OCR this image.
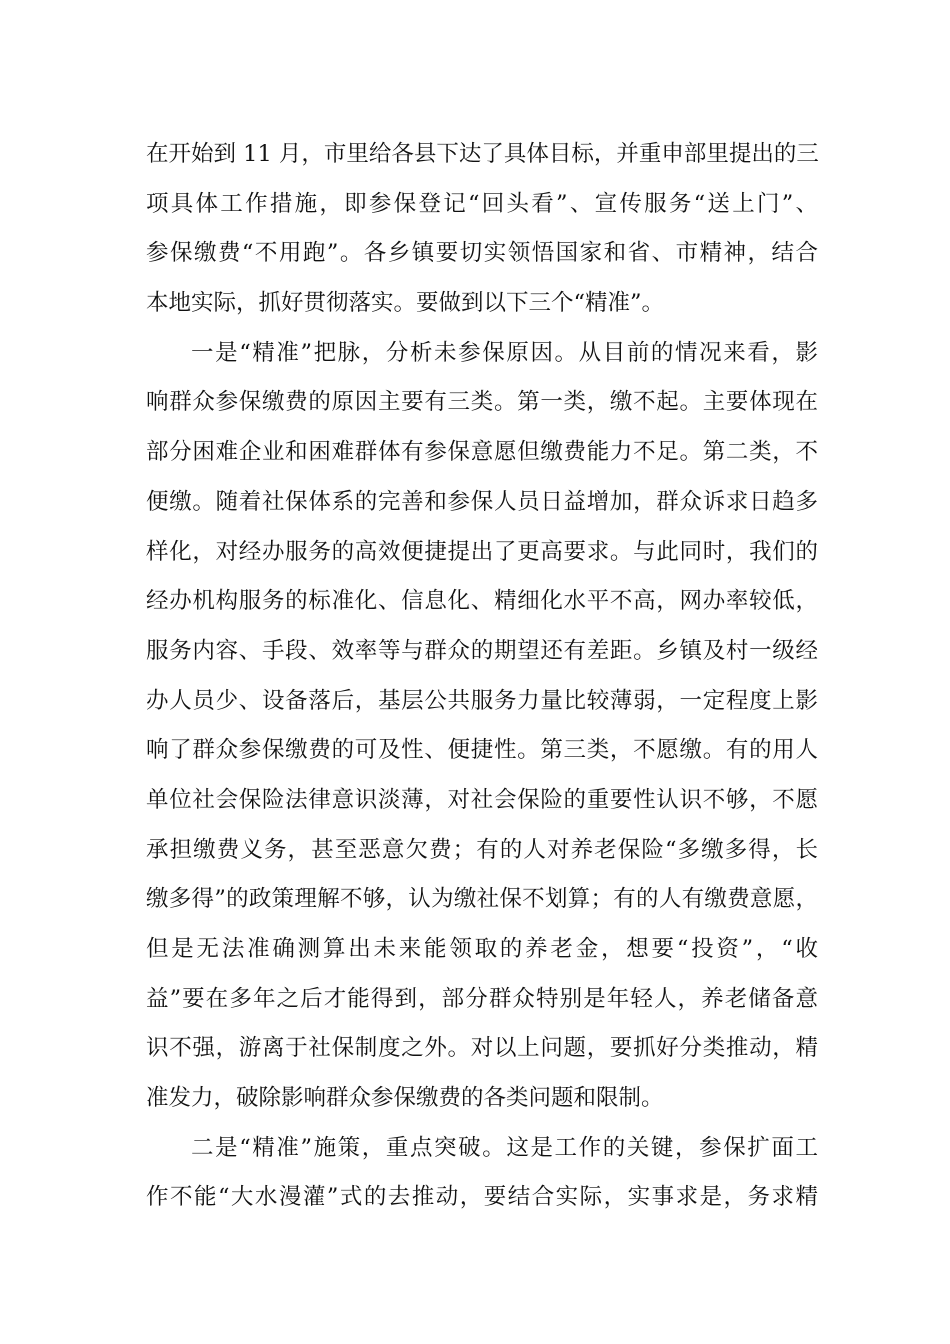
在开始到 11 月，市里给各县下达了具体目标，并重申部里提出的三
项具体工作措施，即参保登记“回头看”、宣传服务“送上门”、
参保缴费“不用跑”。各乡镇要切实领悟国家和省、市精神，结合
本地实际，抓好贯彻落实。要做到以下三个“精准”。
一是“精准”把脉，分析未参保原因。从目前的情况来看，影
响群众参保缴费的原因主要有三类。第一类，缴不起。主要体现在
部分困难企业和困难群体有参保意愿但缴费能力不足。第二类，不
便缴。随着社保体系的完善和参保人员日益增加，群众诉求日趋多
样化，对经办服务的高效便捷提出了更高要求。与此同时，我们的
经办机构服务的标准化、信息化、精细化水平不高，网办率较低，
服务内容、手段、效率等与群众的期望还有差距。乡镇及村一级经
办人员少、设备落后，基层公共服务力量比较薄弱，一定程度上影
响了群众参保缴费的可及性、便捷性。第三类，不愿缴。有的用人
单位社会保险法律意识淡薄，对社会保险的重要性认识不够，不愿
承担缴费义务，甚至恶意欠费；有的人对养老保险“多缴多得，长
缴多得”的政策理解不够，认为缴社保不划算；有的人有缴费意愿，
但是无法准确测算出未来能领取的养老金，想要“投资”，“收
益”要在多年之后才能得到，部分群众特别是年轻人，养老储备意
识不强，游离于社保制度之外。对以上问题，要抓好分类推动，精
准发力，破除影响群众参保缴费的各类问题和限制。
二是“精准”施策，重点突破。这是工作的关键，参保扩面工
作不能“大水漫灌”式的去推动，要结合实际，实事求是，务求精
